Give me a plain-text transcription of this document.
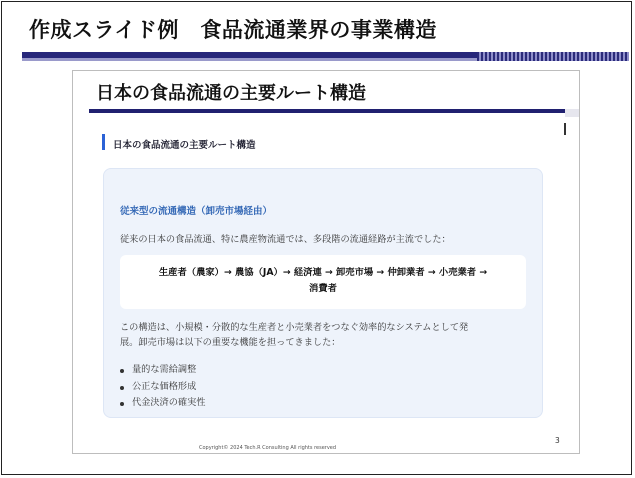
作成スライド例　食品流通業界の事業構造
日本の食品流通の主要ルート構造
日本の食品流通の主要ルート構造
従来型の流通構造（卸売市場経由）
従来の日本の食品流通、特に農産物流通では、多段階の流通経路が主流でした：
生産者（農家）→ 農協（JA）→ 経済連 → 卸売市場 → 仲卸業者 → 小売業者 →
消費者
この構造は、小規模・分散的な生産者と小売業者をつなぐ効率的なシステムとして発
展。卸売市場は以下の重要な機能を担ってきました：
量的な需給調整
公正な価格形成
代金決済の確実性
Copyright© 2024 Tech.R Consulting All rights reserved
3
